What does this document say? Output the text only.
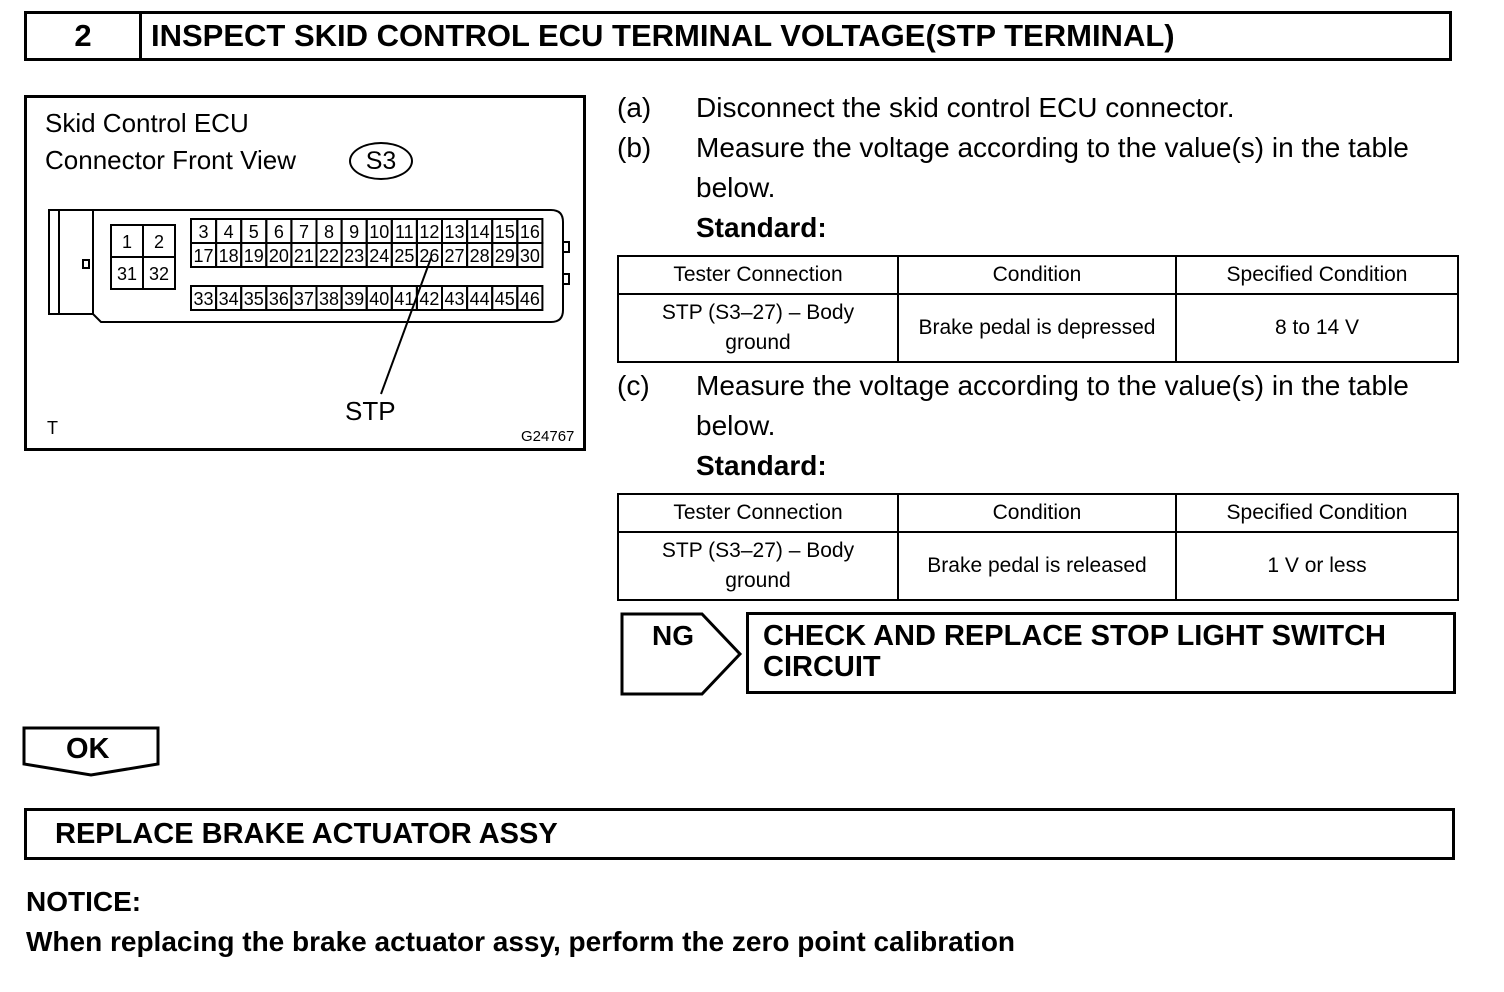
2	INSPECT SKID CONTROL ECU TERMINAL VOLTAGE(STP TERMINAL)
1 2
31 32
3 4 5 6 7 8 9 10 11 12 13 14 15 16
17 18 19 20 21 22 23 24 25 26 27 28 29 30
33 34 35 36 37 38 39 40 41 42 43 44 45 46
Skid Control ECU
Connector Front View	S3
STP
T	G24767
(a) Disconnect the skid control ECU connector.
(b) Measure the voltage according to the value(s) in the table
below.
Standard:
Tester Connection	Condition	Specified Condition

STP (S3–27) – Body
ground	Brake pedal is depressed	8 to 14 V
(c) Measure the voltage according to the value(s) in the table
below.
Standard:
Tester Connection	Condition	Specified Condition

STP (S3–27) – Body
ground	Brake pedal is released	1 V or less
NG CHECK AND REPLACE STOP LIGHT SWITCH
CIRCUIT
OK
REPLACE BRAKE ACTUATOR ASSY
NOTICE:
When replacing the brake actuator assy, perform the zero point calibration
